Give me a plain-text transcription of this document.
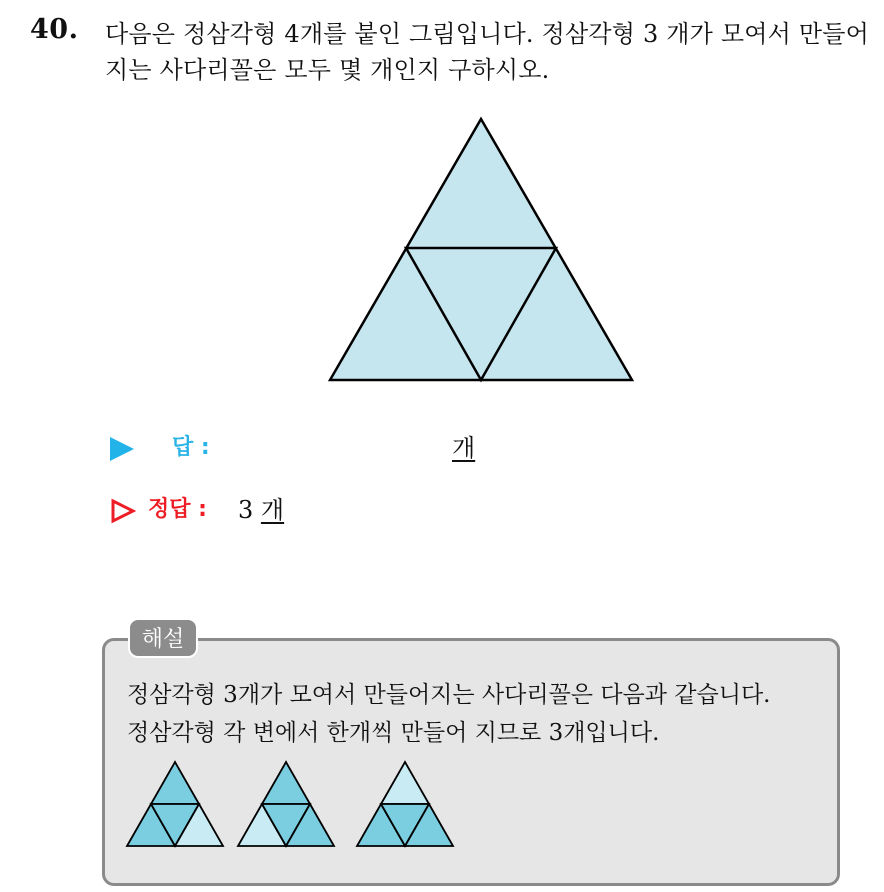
40. 다음은 정삼각형 4개를 붙인 그림입니다. 정삼각형 3 개가 모여서 만들어지는 사다리꼴은 모두 몇 개인지 구하시오.
답 :	개
정답 : 3 개
해설
정삼각형 3개가 모여서 만들어지는 사다리꼴은 다음과 같습니다.
정삼각형 각 변에서 한개씩 만들어 지므로 3개입니다.
